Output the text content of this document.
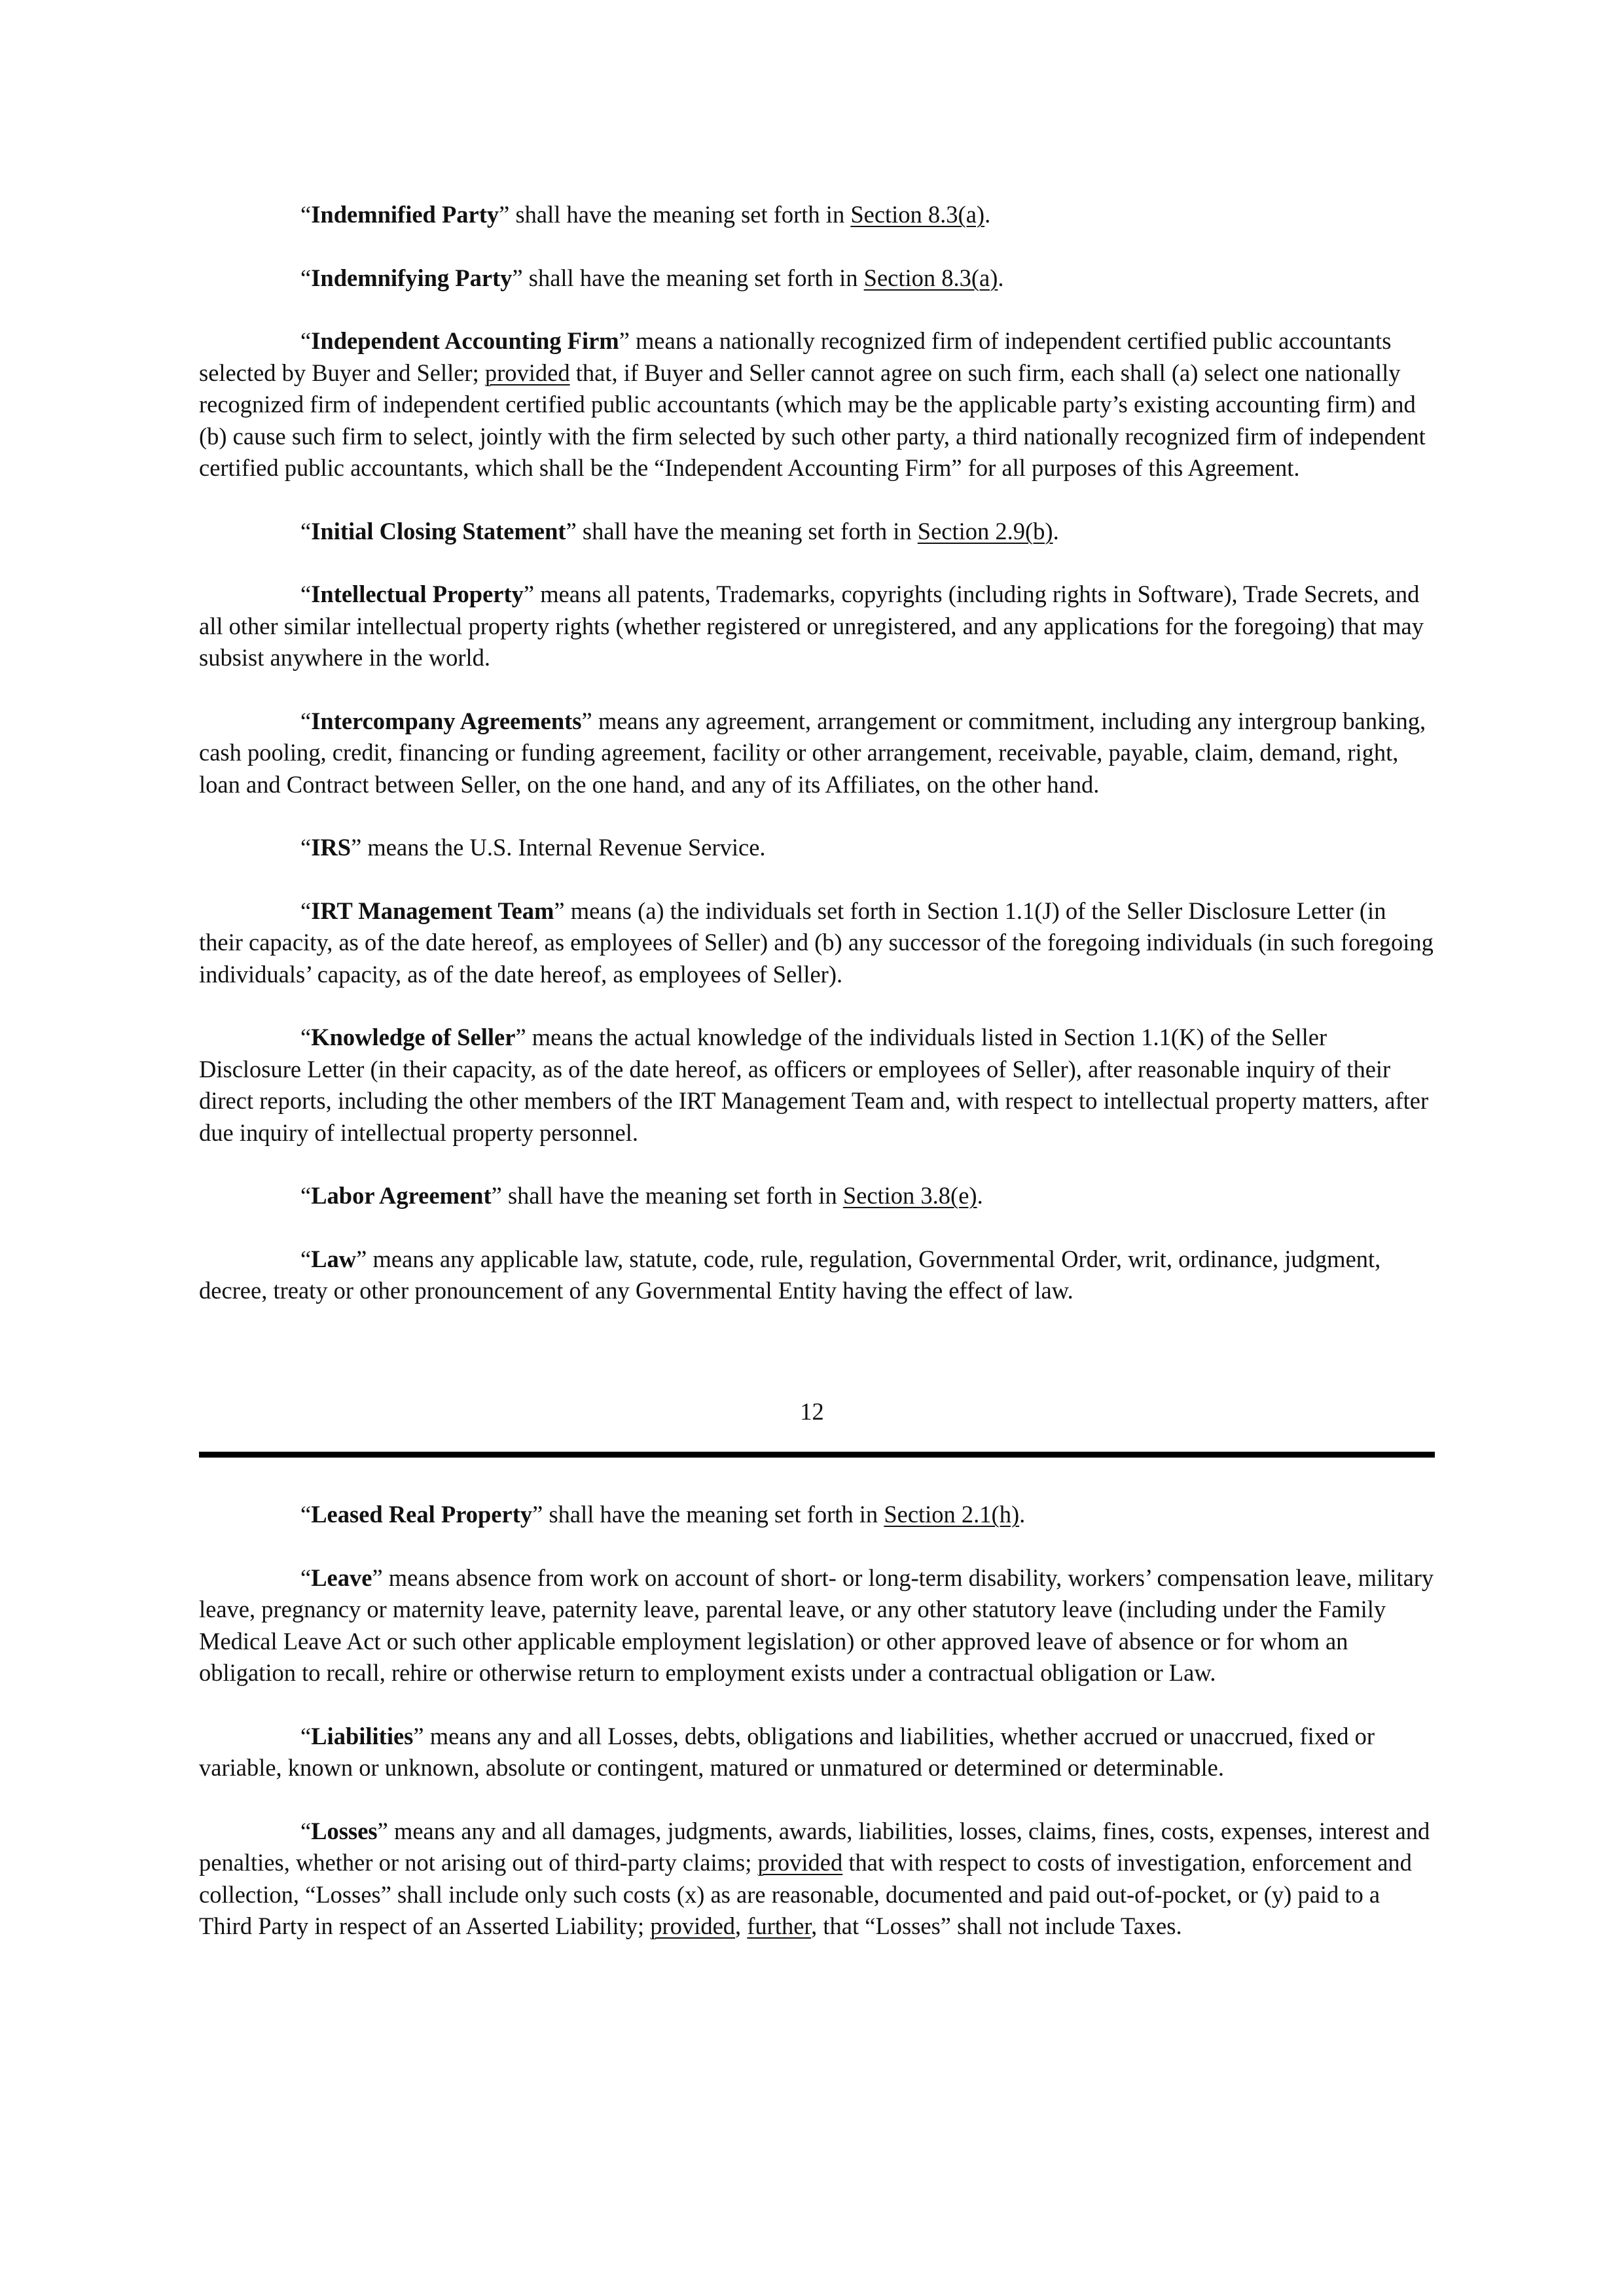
“Indemnified Party” shall have the meaning set forth in Section 8.3(a).

“Indemnifying Party” shall have the meaning set forth in Section 8.3(a).

“Independent Accounting Firm” means a nationally recognized firm of independent certified public accountants selected by Buyer and Seller; provided that, if Buyer and Seller cannot agree on such firm, each shall (a) select one nationally recognized firm of independent certified public accountants (which may be the applicable party’s existing accounting firm) and (b) cause such firm to select, jointly with the firm selected by such other party, a third nationally recognized firm of independent certified public accountants, which shall be the “Independent Accounting Firm” for all purposes of this Agreement.

“Initial Closing Statement” shall have the meaning set forth in Section 2.9(b).

“Intellectual Property” means all patents, Trademarks, copyrights (including rights in Software), Trade Secrets, and all other similar intellectual property rights (whether registered or unregistered, and any applications for the foregoing) that may subsist anywhere in the world.

“Intercompany Agreements” means any agreement, arrangement or commitment, including any intergroup banking, cash pooling, credit, financing or funding agreement, facility or other arrangement, receivable, payable, claim, demand, right, loan and Contract between Seller, on the one hand, and any of its Affiliates, on the other hand.

“IRS” means the U.S. Internal Revenue Service.

“IRT Management Team” means (a) the individuals set forth in Section 1.1(J) of the Seller Disclosure Letter (in their capacity, as of the date hereof, as employees of Seller) and (b) any successor of the foregoing individuals (in such foregoing individuals’ capacity, as of the date hereof, as employees of Seller).

“Knowledge of Seller” means the actual knowledge of the individuals listed in Section 1.1(K) of the Seller Disclosure Letter (in their capacity, as of the date hereof, as officers or employees of Seller), after reasonable inquiry of their direct reports, including the other members of the IRT Management Team and, with respect to intellectual property matters, after due inquiry of intellectual property personnel.

“Labor Agreement” shall have the meaning set forth in Section 3.8(e).

“Law” means any applicable law, statute, code, rule, regulation, Governmental Order, writ, ordinance, judgment, decree, treaty or other pronouncement of any Governmental Entity having the effect of law.

12

“Leased Real Property” shall have the meaning set forth in Section 2.1(h).

“Leave” means absence from work on account of short- or long-term disability, workers’ compensation leave, military leave, pregnancy or maternity leave, paternity leave, parental leave, or any other statutory leave (including under the Family Medical Leave Act or such other applicable employment legislation) or other approved leave of absence or for whom an obligation to recall, rehire or otherwise return to employment exists under a contractual obligation or Law.

“Liabilities” means any and all Losses, debts, obligations and liabilities, whether accrued or unaccrued, fixed or variable, known or unknown, absolute or contingent, matured or unmatured or determined or determinable.

“Losses” means any and all damages, judgments, awards, liabilities, losses, claims, fines, costs, expenses, interest and penalties, whether or not arising out of third-party claims; provided that with respect to costs of investigation, enforcement and collection, “Losses” shall include only such costs (x) as are reasonable, documented and paid out-of-pocket, or (y) paid to a Third Party in respect of an Asserted Liability; provided, further, that “Losses” shall not include Taxes.
